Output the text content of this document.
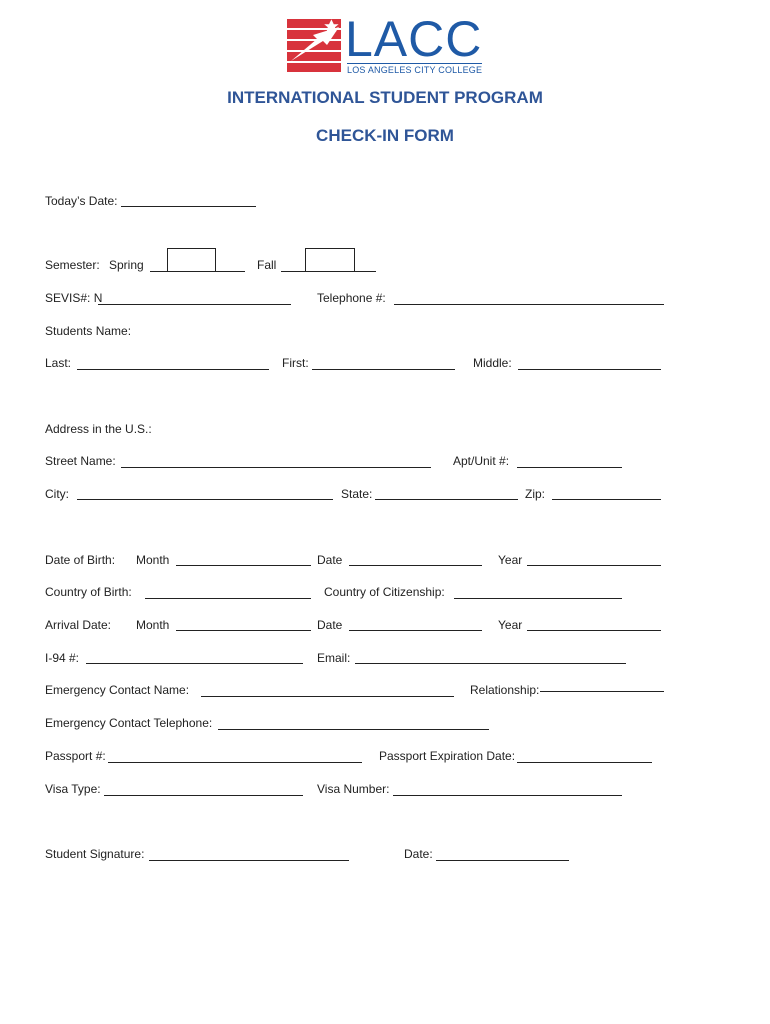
LACC
LOS ANGELES CITY COLLEGE
INTERNATIONAL STUDENT PROGRAM
CHECK-IN FORM
Today’s Date:
Semester: Spring	Fall
SEVIS#: N	Telephone #:
Students Name:
Last:	First:	Middle:
Address in the U.S.:
Street Name:	Apt/Unit #:
City:	State:	Zip:
Date of Birth: Month	Date	Year
Country of Birth:	Country of Citizenship:
Arrival Date: Month	Date	Year
I-94 #:	Email:
Emergency Contact Name:	Relationship:
Emergency Contact Telephone:
Passport #:	Passport Expiration Date:
Visa Type:	Visa Number:
Student Signature:	Date:
